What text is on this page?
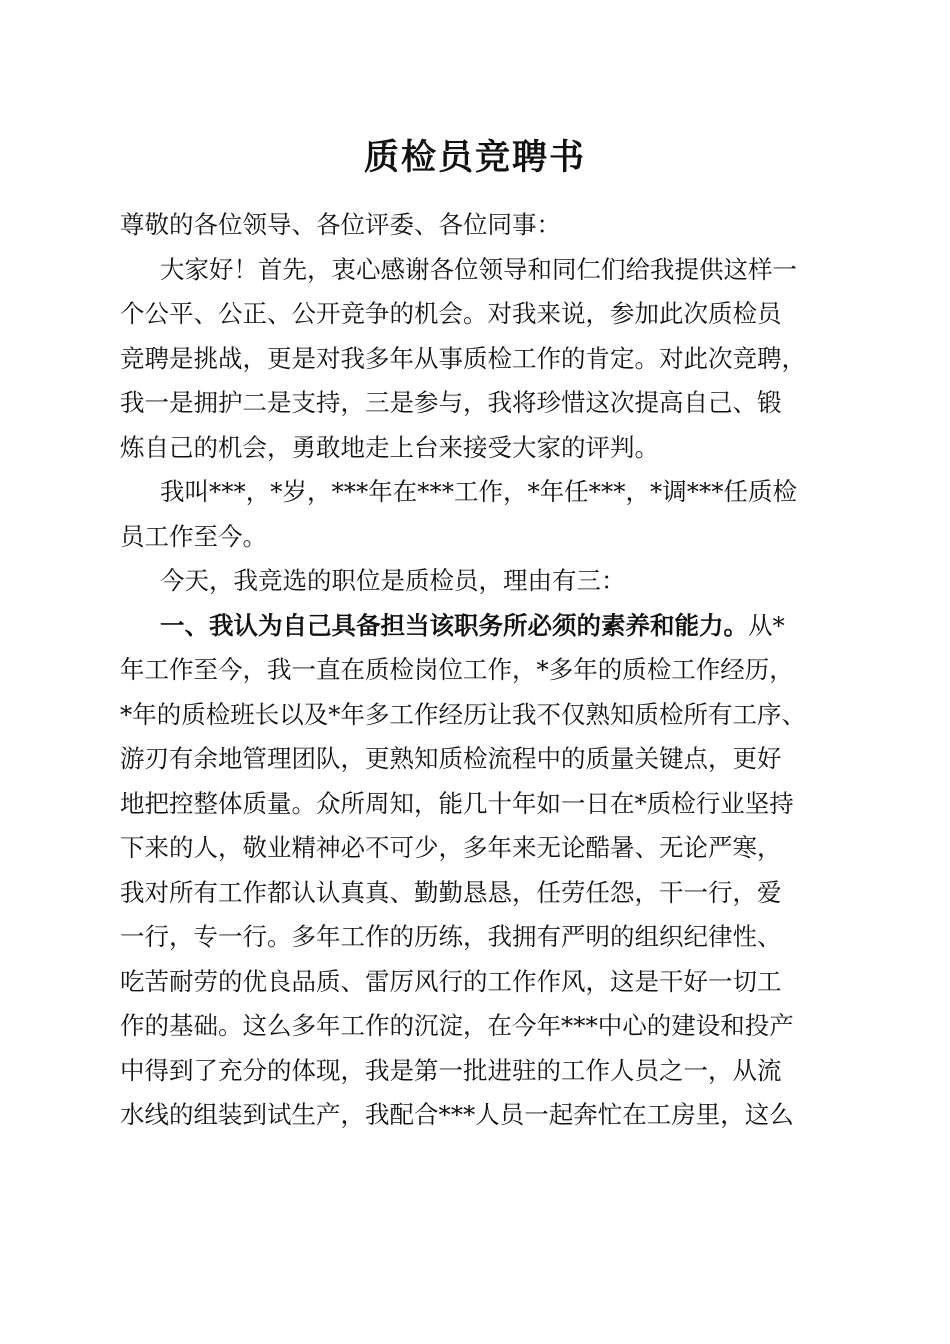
质检员竞聘书
尊敬的各位领导、各位评委、各位同事：
大家好！首先，衷心感谢各位领导和同仁们给我提供这样一
个公平、公正、公开竞争的机会。对我来说，参加此次质检员
竞聘是挑战，更是对我多年从事质检工作的肯定。对此次竞聘，
我一是拥护二是支持，三是参与，我将珍惜这次提高自己、锻
炼自己的机会，勇敢地走上台来接受大家的评判。
我叫***，*岁，***年在***工作，*年任***，*调***任质检
员工作至今。
今天，我竞选的职位是质检员，理由有三：
一、我认为自己具备担当该职务所必须的素养和能力。从*
年工作至今，我一直在质检岗位工作，*多年的质检工作经历，
*年的质检班长以及*年多工作经历让我不仅熟知质检所有工序、
游刃有余地管理团队，更熟知质检流程中的质量关键点，更好
地把控整体质量。众所周知，能几十年如一日在*质检行业坚持
下来的人，敬业精神必不可少，多年来无论酷暑、无论严寒，
我对所有工作都认认真真、勤勤恳恳，任劳任怨，干一行，爱
一行，专一行。多年工作的历练，我拥有严明的组织纪律性、
吃苦耐劳的优良品质、雷厉风行的工作作风，这是干好一切工
作的基础。这么多年工作的沉淀，在今年***中心的建设和投产
中得到了充分的体现，我是第一批进驻的工作人员之一，从流
水线的组装到试生产，我配合***人员一起奔忙在工房里，这么
